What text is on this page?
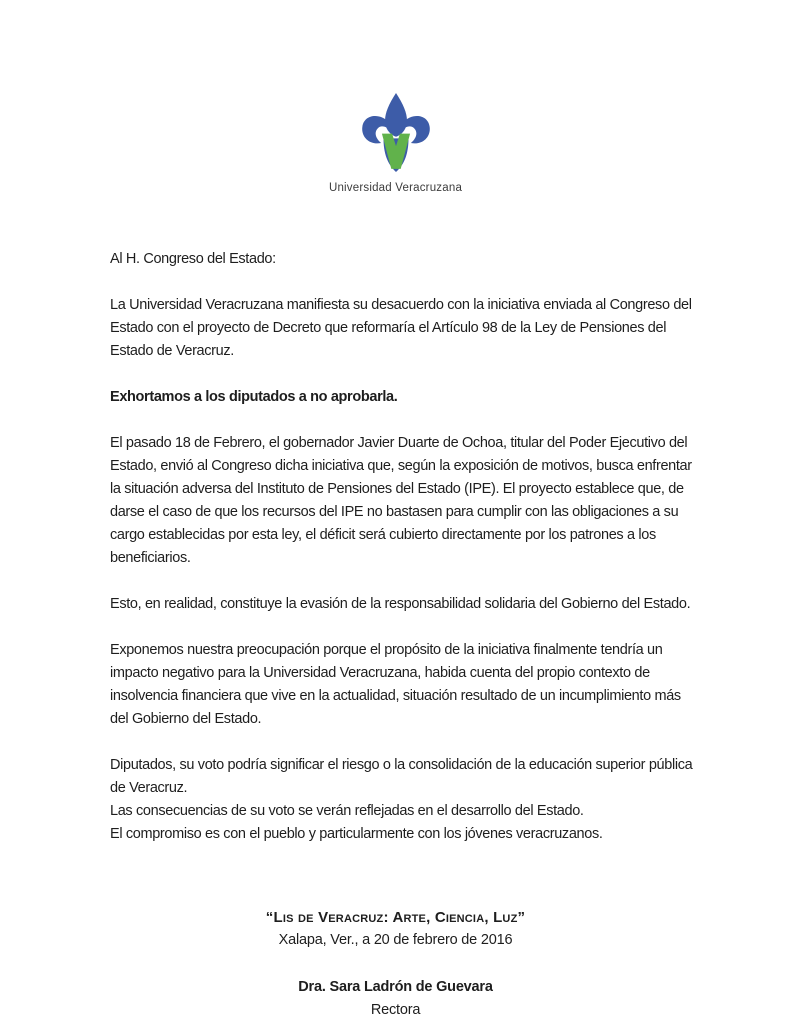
Universidad Veracruzana

Al H. Congreso del Estado:

La Universidad Veracruzana manifiesta su desacuerdo con la iniciativa enviada al Congreso del Estado con el proyecto de Decreto que reformaría el Artículo 98 de la Ley de Pensiones del Estado de Veracruz.

Exhortamos a los diputados a no aprobarla.

El pasado 18 de Febrero, el gobernador Javier Duarte de Ochoa, titular del Poder Ejecutivo del Estado, envió al Congreso dicha iniciativa que, según la exposición de motivos, busca enfrentar la situación adversa del Instituto de Pensiones del Estado (IPE). El proyecto establece que, de darse el caso de que los recursos del IPE no bastasen para cumplir con las obligaciones a su cargo establecidas por esta ley, el déficit será cubierto directamente por los patrones a los beneficiarios.

Esto, en realidad, constituye la evasión de la responsabilidad solidaria del Gobierno del Estado.

Exponemos nuestra preocupación porque el propósito de la iniciativa finalmente tendría un impacto negativo para la Universidad Veracruzana, habida cuenta del propio contexto de insolvencia financiera que vive en la actualidad, situación resultado de un incumplimiento más del Gobierno del Estado.

Diputados, su voto podría significar el riesgo o la consolidación de la educación superior pública de Veracruz.
Las consecuencias de su voto se verán reflejadas en el desarrollo del Estado.
El compromiso es con el pueblo y particularmente con los jóvenes veracruzanos.
“Lis de Veracruz: Arte, Ciencia, Luz”
Xalapa, Ver., a 20 de febrero de 2016
Dra. Sara Ladrón de Guevara
Rectora
